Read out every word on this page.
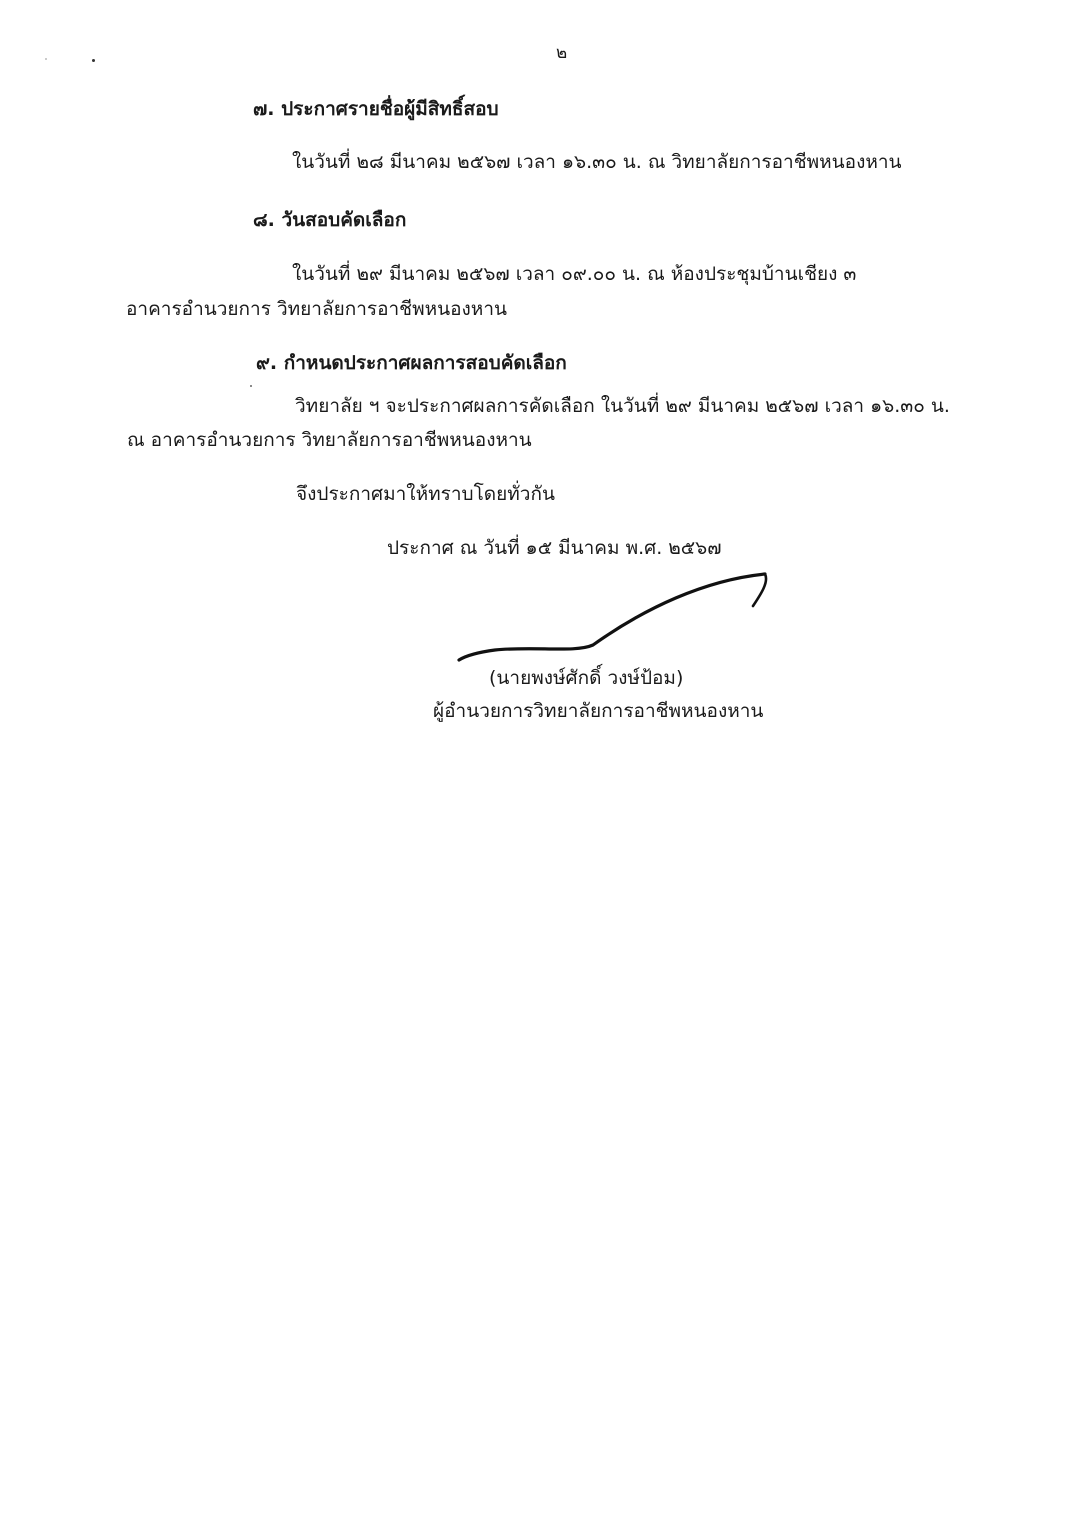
๒
๗. ประกาศรายชื่อผู้มีสิทธิ์สอบ
ในวันที่ ๒๘ มีนาคม ๒๕๖๗ เวลา ๑๖.๓๐ น. ณ วิทยาลัยการอาชีพหนองหาน
๘. วันสอบคัดเลือก
ในวันที่ ๒๙ มีนาคม ๒๕๖๗ เวลา ๐๙.๐๐ น. ณ ห้องประชุมบ้านเชียง ๓
อาคารอำนวยการ วิทยาลัยการอาชีพหนองหาน
๙. กำหนดประกาศผลการสอบคัดเลือก
วิทยาลัย ฯ จะประกาศผลการคัดเลือก ในวันที่ ๒๙ มีนาคม ๒๕๖๗ เวลา ๑๖.๓๐ น.
ณ อาคารอำนวยการ วิทยาลัยการอาชีพหนองหาน
จึงประกาศมาให้ทราบโดยทั่วกัน
ประกาศ ณ วันที่ ๑๕ มีนาคม พ.ศ. ๒๕๖๗
(นายพงษ์ศักดิ์ วงษ์ป้อม)
ผู้อำนวยการวิทยาลัยการอาชีพหนองหาน
